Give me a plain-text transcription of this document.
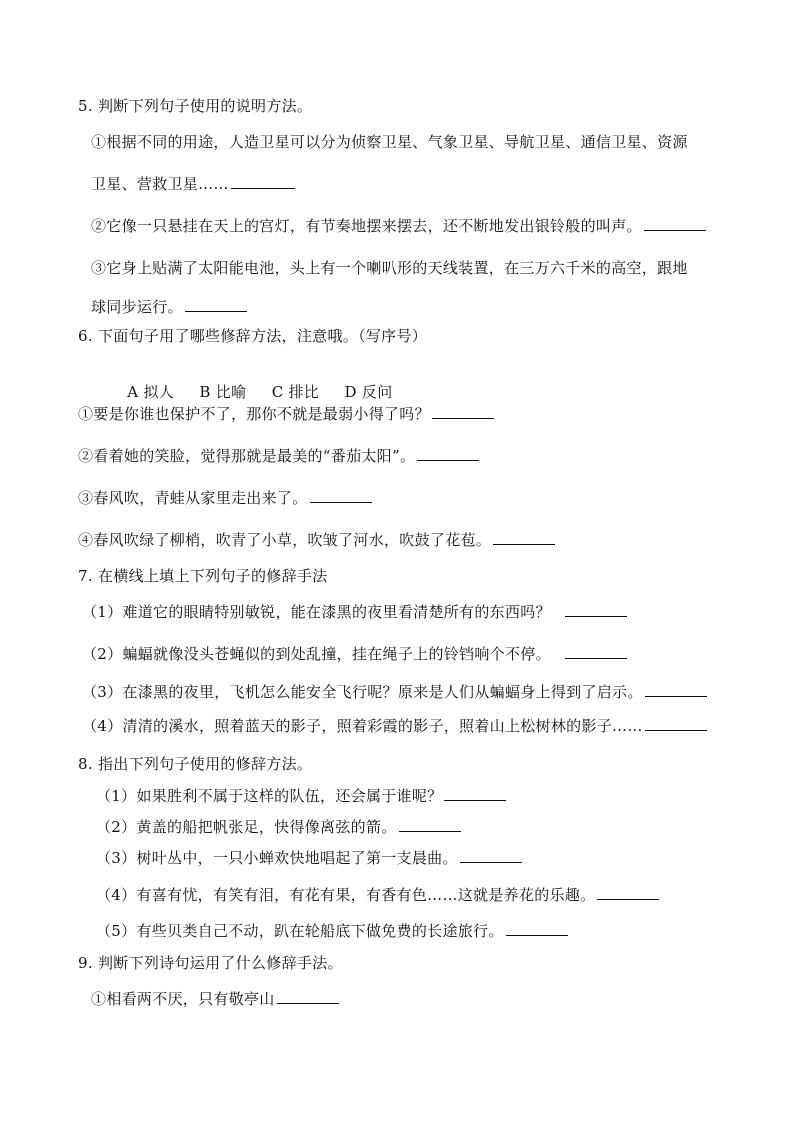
5. 判断下列句子使用的说明方法。
①根据不同的用途，人造卫星可以分为侦察卫星、气象卫星、导航卫星、通信卫星、资源
卫星、营救卫星……
②它像一只悬挂在天上的宫灯，有节奏地摆来摆去，还不断地发出银铃般的叫声。
③它身上贴满了太阳能电池，头上有一个喇叭形的天线装置，在三万六千米的高空，跟地
球同步运行。
6. 下面句子用了哪些修辞方法，注意哦。（写序号）

A 拟人     B 比喻     C 排比     D 反问

①要是你谁也保护不了，那你不就是最弱小得了吗？
②看着她的笑脸，觉得那就是最美的“番茄太阳”。
③春风吹，青蛙从家里走出来了。
④春风吹绿了柳梢，吹青了小草，吹皱了河水，吹鼓了花苞。
7. 在横线上填上下列句子的修辞手法
（1）难道它的眼睛特别敏锐，能在漆黑的夜里看清楚所有的东西吗？
（2）蝙蝠就像没头苍蝇似的到处乱撞，挂在绳子上的铃铛响个不停。
（3）在漆黑的夜里，飞机怎么能安全飞行呢？原来是人们从蝙蝠身上得到了启示。
（4）清清的溪水，照着蓝天的影子，照着彩霞的影子，照着山上松树林的影子……
8. 指出下列句子使用的修辞方法。
（1）如果胜利不属于这样的队伍，还会属于谁呢？
（2）黄盖的船把帆张足，快得像离弦的箭。
（3）树叶丛中，一只小蝉欢快地唱起了第一支晨曲。
（4）有喜有忧，有笑有泪，有花有果，有香有色……这就是养花的乐趣。
（5）有些贝类自己不动，趴在轮船底下做免费的长途旅行。
9. 判断下列诗句运用了什么修辞手法。
①相看两不厌，只有敬亭山
